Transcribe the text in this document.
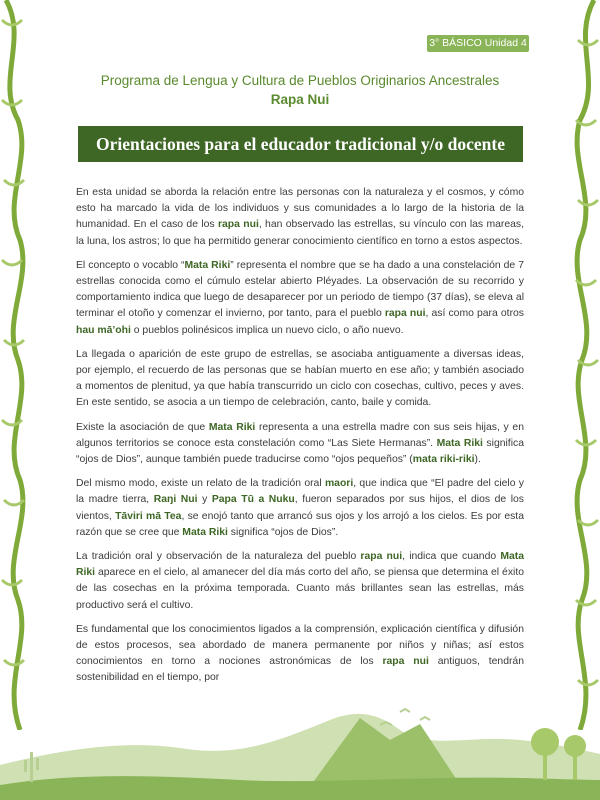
3° BÁSICO Unidad 4
Programa de Lengua y Cultura de Pueblos Originarios Ancestrales
Rapa Nui
Orientaciones para el educador tradicional y/o docente

En esta unidad se aborda la relación entre las personas con la naturaleza y el cosmos, y cómo esto ha marcado la vida de los individuos y sus comunidades a lo largo de la historia de la humanidad. En el caso de los rapa nui, han observado las estrellas, su vínculo con las mareas, la luna, los astros; lo que ha permitido generar conocimiento científico en torno a estos aspectos.

El concepto o vocablo “Mata Riki” representa el nombre que se ha dado a una constelación de 7 estrellas conocida como el cúmulo estelar abierto Pléyades. La observación de su recorrido y comportamiento indica que luego de desaparecer por un periodo de tiempo (37 días), se eleva al terminar el otoño y comenzar el invierno, por tanto, para el pueblo rapa nui, así como para otros hau mā’ohi o pueblos polinésicos implica un nuevo ciclo, o año nuevo.

La llegada o aparición de este grupo de estrellas, se asociaba antiguamente a diversas ideas, por ejemplo, el recuerdo de las personas que se habían muerto en ese año; y también asociado a momentos de plenitud, ya que había transcurrido un ciclo con cosechas, cultivo, peces y aves. En este sentido, se asocia a un tiempo de celebración, canto, baile y comida.

Existe la asociación de que Mata Riki representa a una estrella madre con sus seis hijas, y en algunos territorios se conoce esta constelación como “Las Siete Hermanas”. Mata Riki significa “ojos de Dios”, aunque también puede traducirse como “ojos pequeños” (mata riki-riki).

Del mismo modo, existe un relato de la tradición oral maori, que indica que “El padre del cielo y la madre tierra, Raŋi Nui y Papa Tū a Nuku, fueron separados por sus hijos, el dios de los vientos, Tāviri mā Tea, se enojó tanto que arrancó sus ojos y los arrojó a los cielos. Es por esta razón que se cree que Mata Riki significa “ojos de Dios”.

La tradición oral y observación de la naturaleza del pueblo rapa nui, indica que cuando Mata Riki aparece en el cielo, al amanecer del día más corto del año, se piensa que determina el éxito de las cosechas en la próxima temporada. Cuanto más brillantes sean las estrellas, más productivo será el cultivo.

Es fundamental que los conocimientos ligados a la comprensión, explicación científica y difusión de estos procesos, sea abordado de manera permanente por niños y niñas; así estos conocimientos en torno a nociones astronómicas de los rapa nui antiguos, tendrán sostenibilidad en el tiempo, por
